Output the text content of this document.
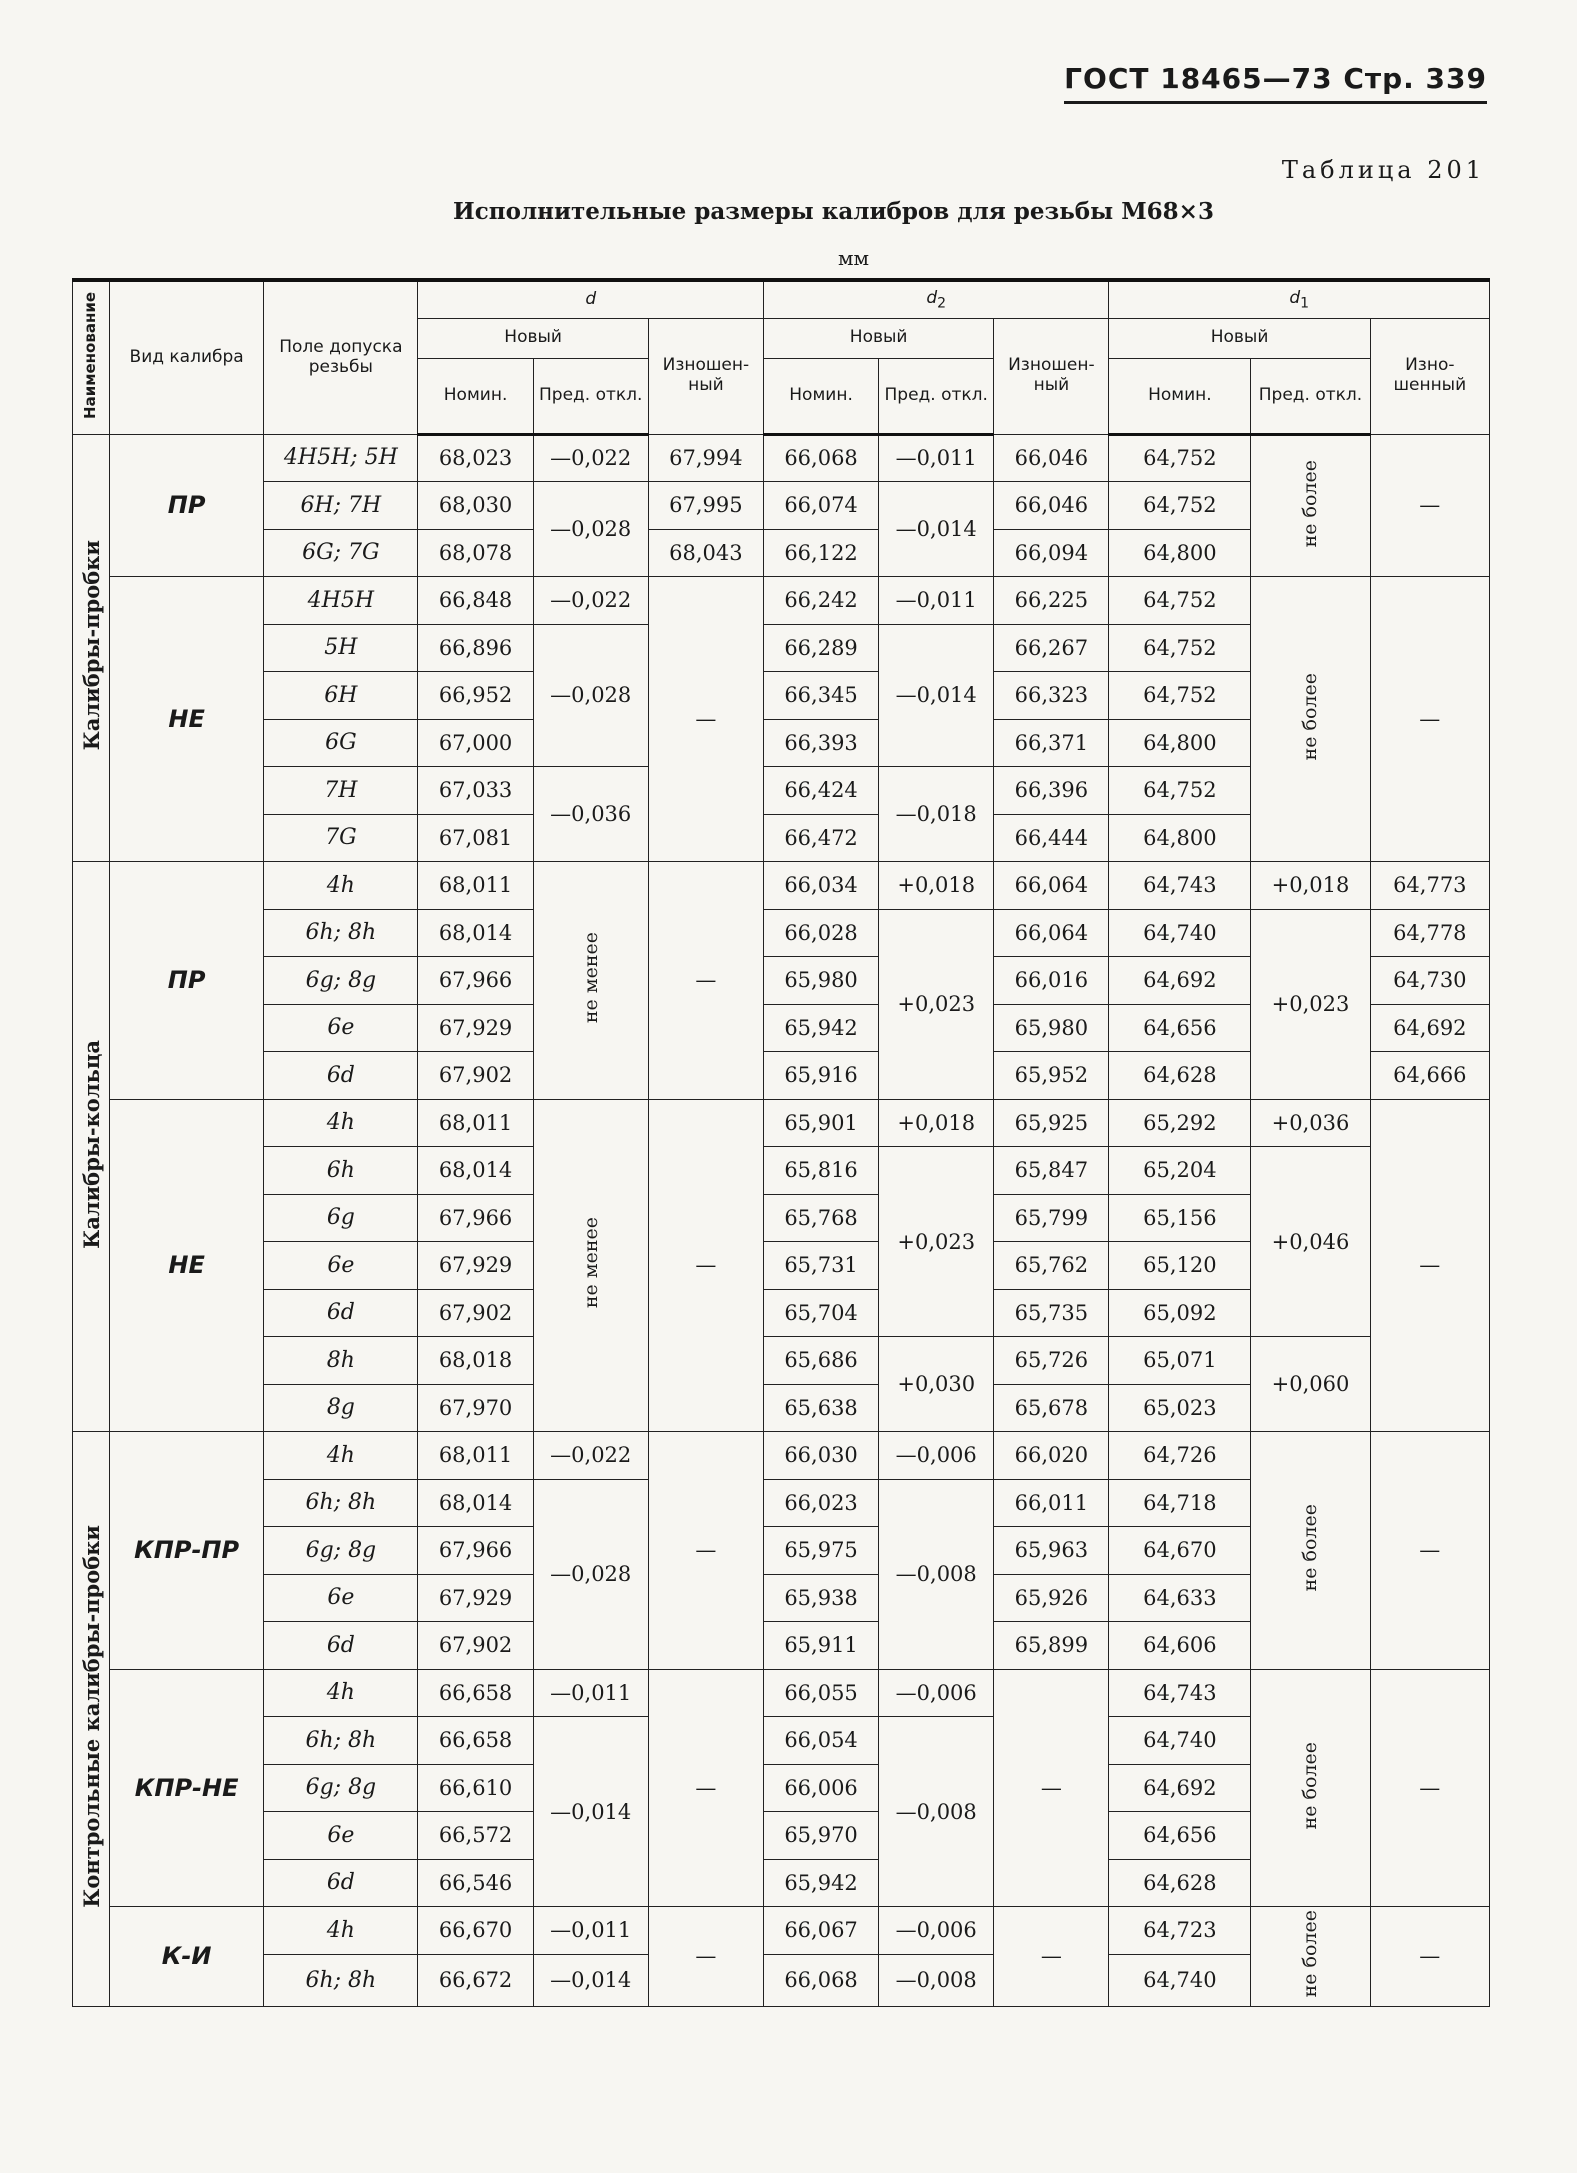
ГОСТ 18465—73 Стр. 339
Таблица 201
Исполнительные размеры калибров для резьбы М68×3
мм
Наименование	Вид калибра	Поле допуска резьбы	d			$d_2$			$d_1$
			Новый		Изношен-ный	Новый		Изношен-ный	Новый		Изно-шенный
			Номин.	Пред. откл.		Номин.	Пред. откл.		Номин.	Пред. откл.	
Калибры-пробки	ПР	4H5H; 5H	68,023	—0,022	67,994	66,068	—0,011	66,046	64,752	не более	—
		6H; 7H	68,030	—0,028	67,995	66,074	—0,014	66,046	64,752		
		6G; 7G	68,078		68,043	66,122		66,094	64,800		
	НЕ	4H5H	66,848	—0,022	—	66,242	—0,011	66,225	64,752	не более	—
		5H	66,896	—0,028		66,289	—0,014	66,267	64,752		
		6H	66,952			66,345		66,323	64,752		
		6G	67,000			66,393		66,371	64,800		
		7H	67,033	—0,036		66,424	—0,018	66,396	64,752		
		7G	67,081			66,472		66,444	64,800		
Калибры-кольца	ПР	4h	68,011	не менее	—	66,034	+0,018	66,064	64,743	+0,018	64,773
		6h; 8h	68,014			66,028	+0,023	66,064	64,740	+0,023	64,778
		6g; 8g	67,966			65,980		66,016	64,692		64,730
		6e	67,929			65,942		65,980	64,656		64,692
		6d	67,902			65,916		65,952	64,628		64,666
	НЕ	4h	68,011	не менее	—	65,901	+0,018	65,925	65,292	+0,036	—
		6h	68,014			65,816	+0,023	65,847	65,204	+0,046	
		6g	67,966			65,768		65,799	65,156		
		6e	67,929			65,731		65,762	65,120		
		6d	67,902			65,704		65,735	65,092		
		8h	68,018			65,686	+0,030	65,726	65,071	+0,060	
		8g	67,970			65,638		65,678	65,023		
Контрольные калибры-пробки	КПР-ПР	4h	68,011	—0,022	—	66,030	—0,006	66,020	64,726	не более	—
		6h; 8h	68,014	—0,028		66,023	—0,008	66,011	64,718		
		6g; 8g	67,966			65,975		65,963	64,670		
		6e	67,929			65,938		65,926	64,633		
		6d	67,902			65,911		65,899	64,606		
	КПР-НЕ	4h	66,658	—0,011	—	66,055	—0,006	—	64,743	не более	—
		6h; 8h	66,658	—0,014		66,054	—0,008		64,740		
		6g; 8g	66,610			66,006			64,692		
		6e	66,572			65,970			64,656		
		6d	66,546			65,942			64,628		
	К-И	4h	66,670	—0,011	—	66,067	—0,006	—	64,723	не более	—
		6h; 8h	66,672	—0,014		66,068	—0,008		64,740		
